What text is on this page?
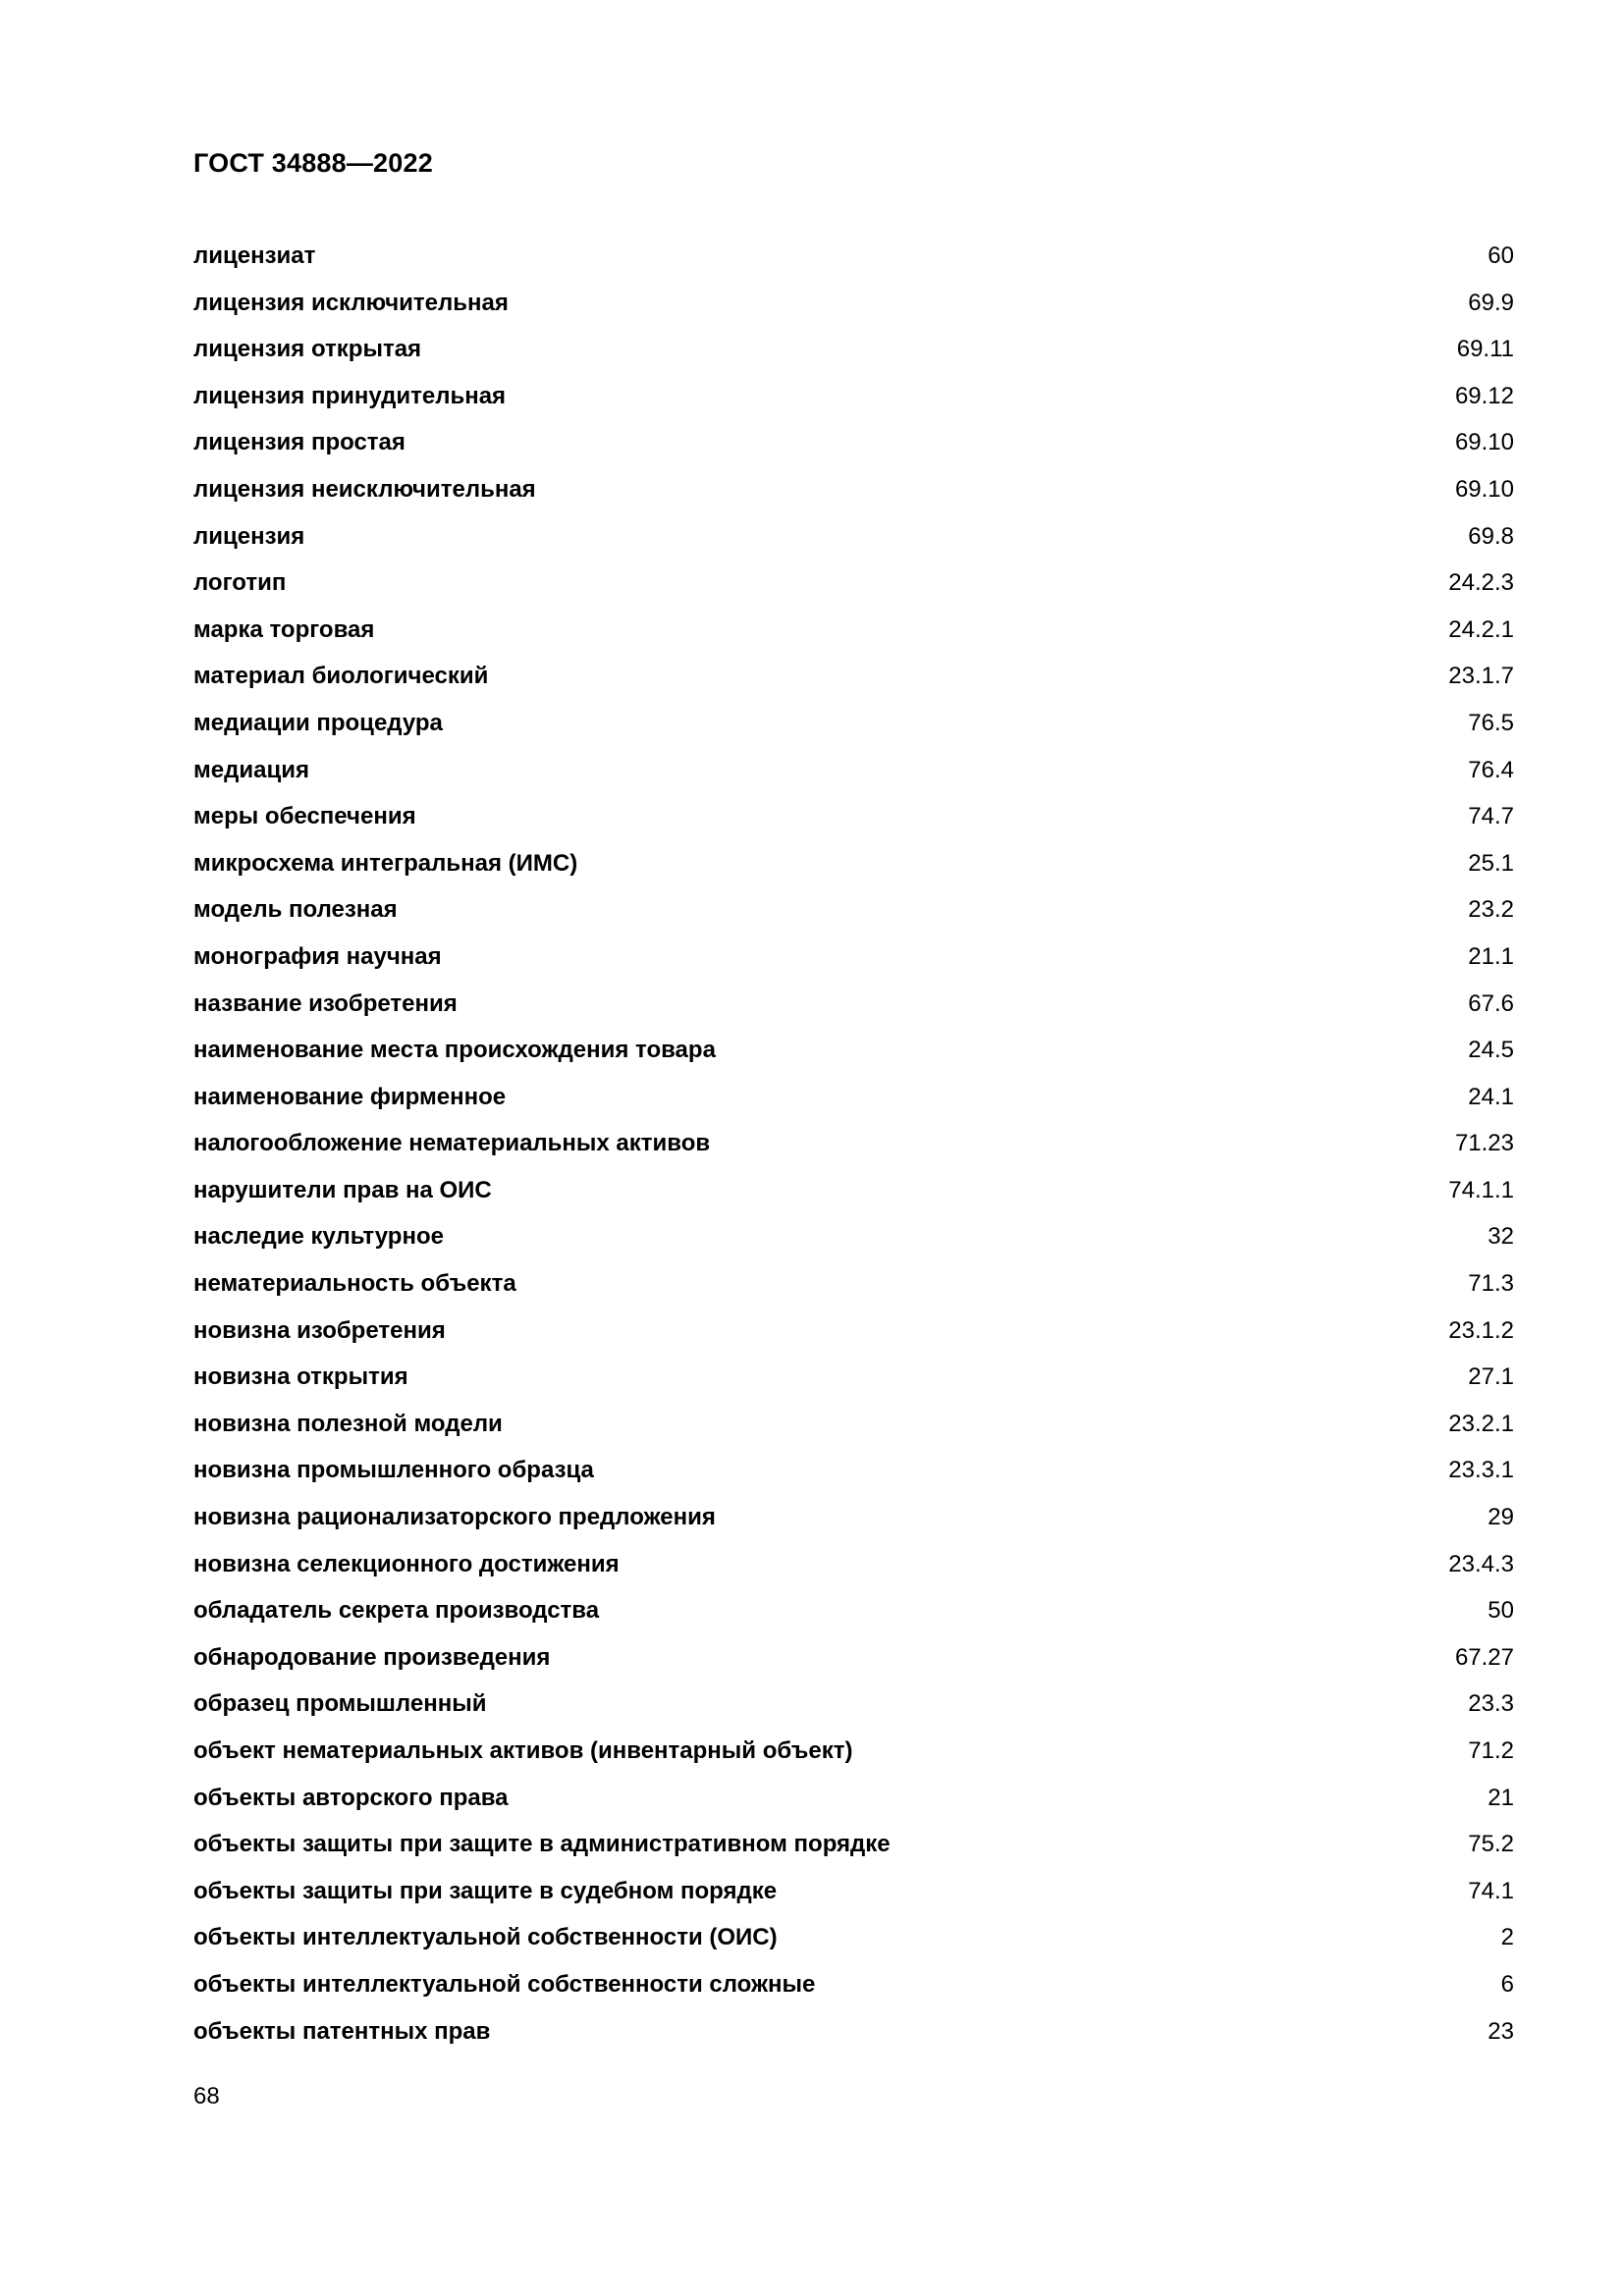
ГОСТ 34888—2022
лицензиат	60
лицензия исключительная	69.9
лицензия открытая	69.11
лицензия принудительная	69.12
лицензия простая	69.10
лицензия неисключительная	69.10
лицензия	69.8
логотип	24.2.3
марка торговая	24.2.1
материал биологический	23.1.7
медиации процедура	76.5
медиация	76.4
меры обеспечения	74.7
микросхема интегральная (ИМС)	25.1
модель полезная	23.2
монография научная	21.1
название изобретения	67.6
наименование места происхождения товара	24.5
наименование фирменное	24.1
налогообложение нематериальных активов	71.23
нарушители прав на ОИС	74.1.1
наследие культурное	32
нематериальность объекта	71.3
новизна изобретения	23.1.2
новизна открытия	27.1
новизна полезной модели	23.2.1
новизна промышленного образца	23.3.1
новизна рационализаторского предложения	29
новизна селекционного достижения	23.4.3
обладатель секрета производства	50
обнародование произведения	67.27
образец промышленный	23.3
объект нематериальных активов (инвентарный объект)	71.2
объекты авторского права	21
объекты защиты при защите в административном порядке	75.2
объекты защиты при защите в судебном порядке	74.1
объекты интеллектуальной собственности (ОИС)	2
объекты интеллектуальной собственности сложные	6
объекты патентных прав	23
68
